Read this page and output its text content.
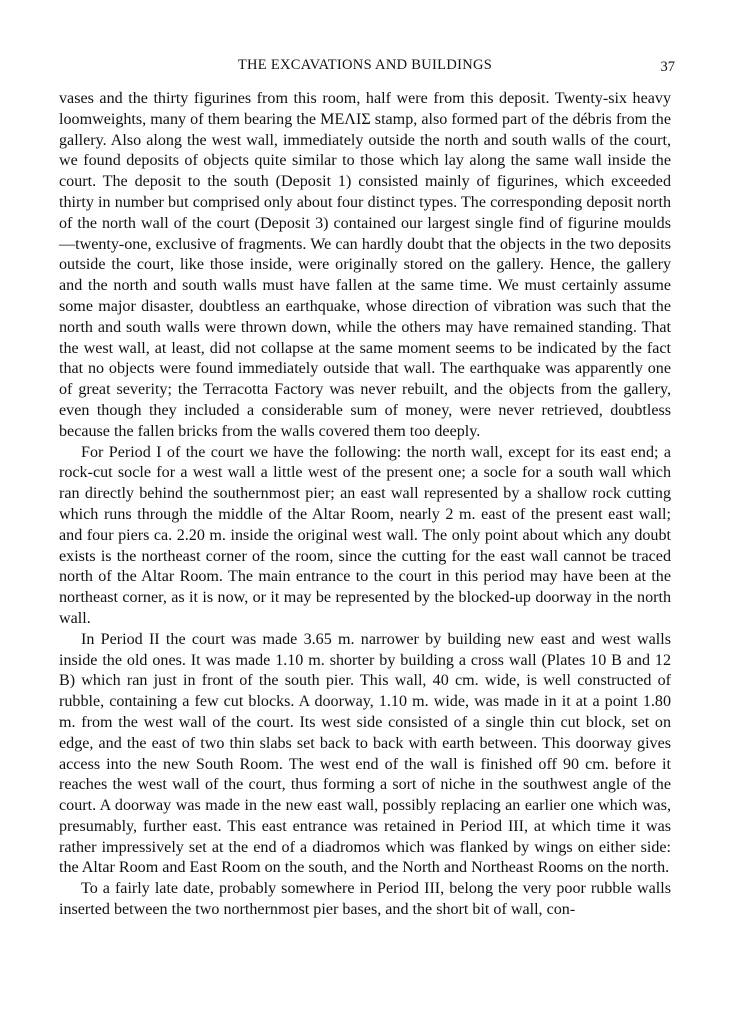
THE EXCAVATIONS AND BUILDINGS	37

vases and the thirty figurines from this room, half were from this deposit. Twenty-six heavy loomweights, many of them bearing the ΜΕΛΙΣ stamp, also formed part of the débris from the gallery. Also along the west wall, immediately outside the north and south walls of the court, we found deposits of objects quite similar to those which lay along the same wall inside the court. The deposit to the south (Deposit 1) consisted mainly of figurines, which exceeded thirty in number but comprised only about four distinct types. The corresponding deposit north of the north wall of the court (Deposit 3) contained our largest single find of figurine moulds—twenty-one, exclusive of fragments. We can hardly doubt that the objects in the two deposits outside the court, like those inside, were originally stored on the gallery. Hence, the gallery and the north and south walls must have fallen at the same time. We must certainly assume some major disaster, doubtless an earthquake, whose direction of vibration was such that the north and south walls were thrown down, while the others may have remained standing. That the west wall, at least, did not collapse at the same moment seems to be indicated by the fact that no objects were found immediately outside that wall. The earthquake was apparently one of great severity; the Terracotta Factory was never rebuilt, and the objects from the gallery, even though they included a considerable sum of money, were never retrieved, doubtless because the fallen bricks from the walls covered them too deeply.

For Period I of the court we have the following: the north wall, except for its east end; a rock-cut socle for a west wall a little west of the present one; a socle for a south wall which ran directly behind the southernmost pier; an east wall represented by a shallow rock cutting which runs through the middle of the Altar Room, nearly 2 m. east of the present east wall; and four piers ca. 2.20 m. inside the original west wall. The only point about which any doubt exists is the northeast corner of the room, since the cutting for the east wall cannot be traced north of the Altar Room. The main entrance to the court in this period may have been at the northeast corner, as it is now, or it may be represented by the blocked-up doorway in the north wall.

In Period II the court was made 3.65 m. narrower by building new east and west walls inside the old ones. It was made 1.10 m. shorter by building a cross wall (Plates 10 B and 12 B) which ran just in front of the south pier. This wall, 40 cm. wide, is well constructed of rubble, containing a few cut blocks. A doorway, 1.10 m. wide, was made in it at a point 1.80 m. from the west wall of the court. Its west side consisted of a single thin cut block, set on edge, and the east of two thin slabs set back to back with earth between. This doorway gives access into the new South Room. The west end of the wall is finished off 90 cm. before it reaches the west wall of the court, thus forming a sort of niche in the southwest angle of the court. A doorway was made in the new east wall, possibly replacing an earlier one which was, presumably, further east. This east entrance was retained in Period III, at which time it was rather impressively set at the end of a diadromos which was flanked by wings on either side: the Altar Room and East Room on the south, and the North and Northeast Rooms on the north.

To a fairly late date, probably somewhere in Period III, belong the very poor rubble walls inserted between the two northernmost pier bases, and the short bit of wall, con-
